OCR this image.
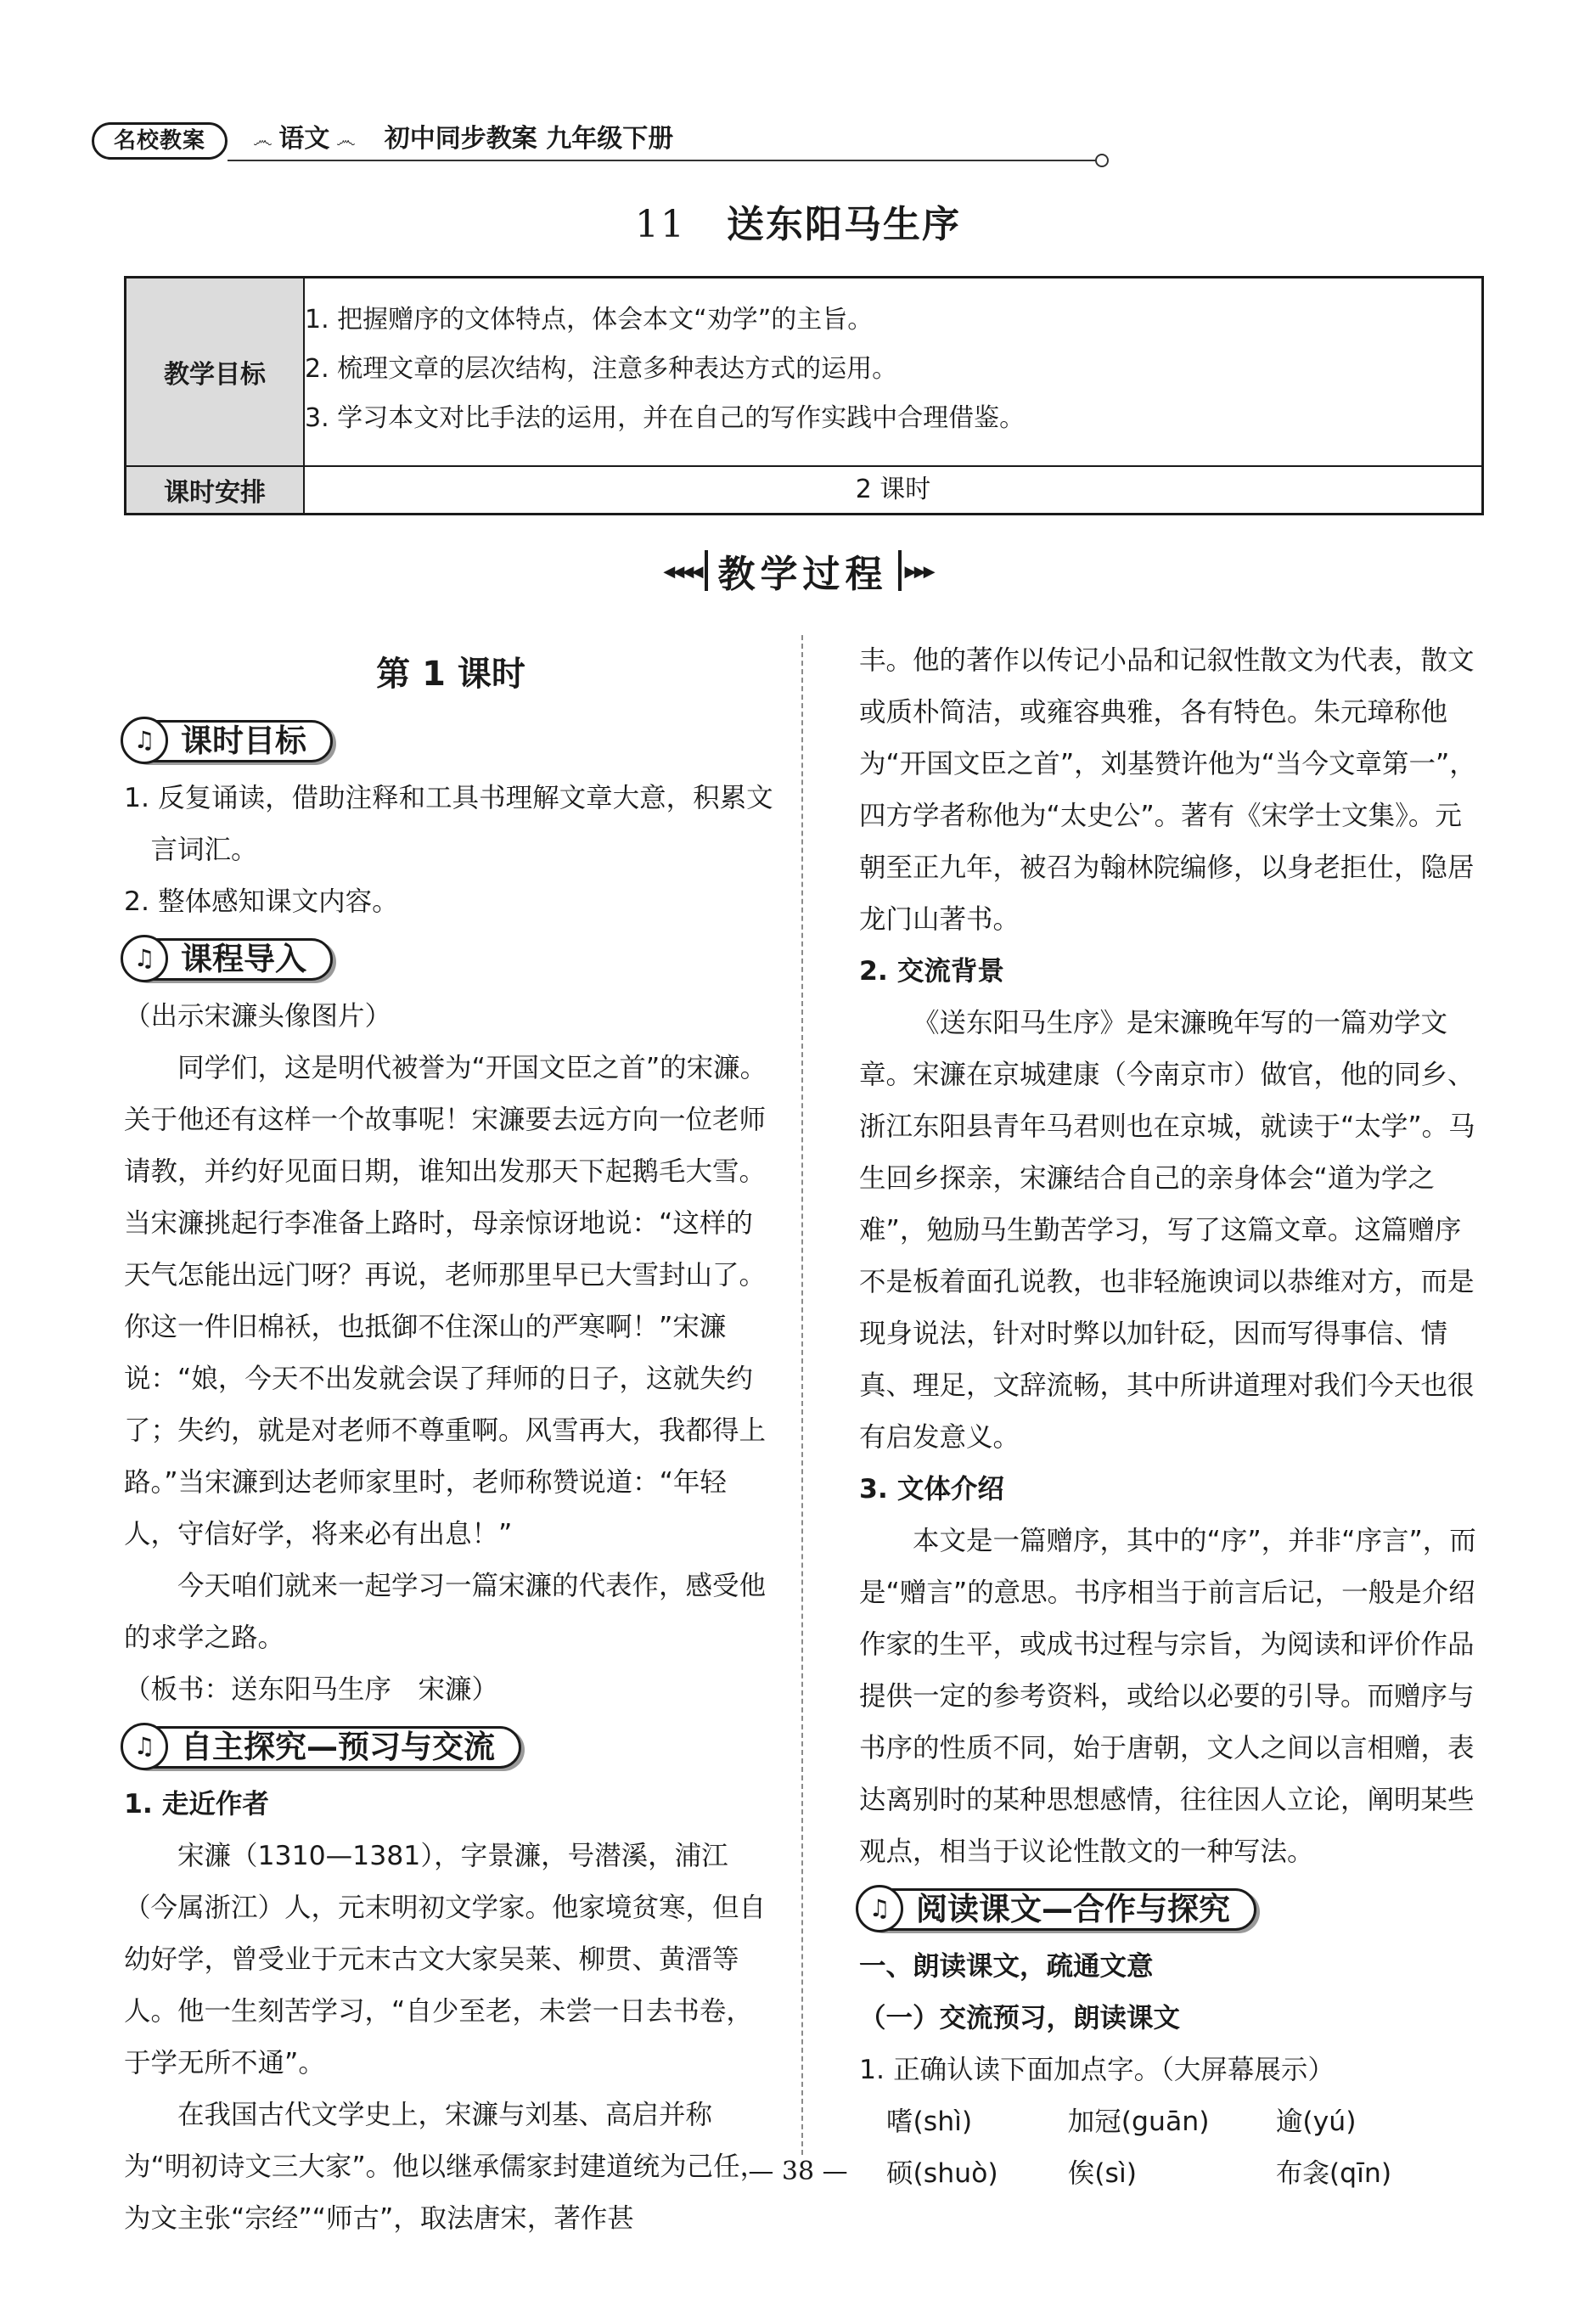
名校教案	෴ 语文 ෴ 初中同步教案 九年级下册
11 送东阳马生序
教学目标
1. 把握赠序的文体特点，体会本文“劝学”的主旨。
2. 梳理文章的层次结构，注意多种表达方式的运用。
3. 学习本文对比手法的运用，并在自己的写作实践中合理借鉴。
课时安排	2 课时
◂◂◂◂ 教学过程 ▸▸▸
第 1 课时
课时目标
♫

1. 反复诵读，借助注释和工具书理解文章大意，积累文言词汇。

2. 整体感知课文内容。

课程导入
♫

（出示宋濂头像图片）

同学们，这是明代被誉为“开国文臣之首”的宋濂。关于他还有这样一个故事呢！宋濂要去远方向一位老师请教，并约好见面日期，谁知出发那天下起鹅毛大雪。当宋濂挑起行李准备上路时，母亲惊讶地说：“这样的天气怎能出远门呀？再说，老师那里早已大雪封山了。你这一件旧棉袄，也抵御不住深山的严寒啊！”宋濂说：“娘，今天不出发就会误了拜师的日子，这就失约了；失约，就是对老师不尊重啊。风雪再大，我都得上路。”当宋濂到达老师家里时，老师称赞说道：“年轻人，守信好学，将来必有出息！”

今天咱们就来一起学习一篇宋濂的代表作，感受他的求学之路。

（板书：送东阳马生序　宋濂）

自主探究—预习与交流
♫

1. 走近作者

宋濂（1310—1381），字景濂，号潜溪，浦江（今属浙江）人，元末明初文学家。他家境贫寒，但自幼好学，曾受业于元末古文大家吴莱、柳贯、黄溍等人。他一生刻苦学习，“自少至老，未尝一日去书卷，于学无所不通”。

在我国古代文学史上，宋濂与刘基、高启并称为“明初诗文三大家”。他以继承儒家封建道统为己任，为文主张“宗经”“师古”，取法唐宋，著作甚

丰。他的著作以传记小品和记叙性散文为代表，散文或质朴简洁，或雍容典雅，各有特色。朱元璋称他为“开国文臣之首”，刘基赞许他为“当今文章第一”，四方学者称他为“太史公”。著有《宋学士文集》。元朝至正九年，被召为翰林院编修，以身老拒仕，隐居龙门山著书。

2. 交流背景

《送东阳马生序》是宋濂晚年写的一篇劝学文章。宋濂在京城建康（今南京市）做官，他的同乡、浙江东阳县青年马君则也在京城，就读于“太学”。马生回乡探亲，宋濂结合自己的亲身体会“道为学之难”，勉励马生勤苦学习，写了这篇文章。这篇赠序不是板着面孔说教，也非轻施谀词以恭维对方，而是现身说法，针对时弊以加针砭，因而写得事信、情真、理足，文辞流畅，其中所讲道理对我们今天也很有启发意义。

3. 文体介绍

本文是一篇赠序，其中的“序”，并非“序言”，而是“赠言”的意思。书序相当于前言后记，一般是介绍作家的生平，或成书过程与宗旨，为阅读和评价作品提供一定的参考资料，或给以必要的引导。而赠序与书序的性质不同，始于唐朝，文人之间以言相赠，表达离别时的某种思想感情，往往因人立论，阐明某些观点，相当于议论性散文的一种写法。

阅读课文—合作与探究
♫

一、朗读课文，疏通文意

（一）交流预习，朗读课文

1. 正确认读下面加点字。（大屏幕展示）

嗜(shì)	加冠(guān)	逾(yú)
硕(shuò)	俟(sì)	布衾(qīn)
— 38 —
